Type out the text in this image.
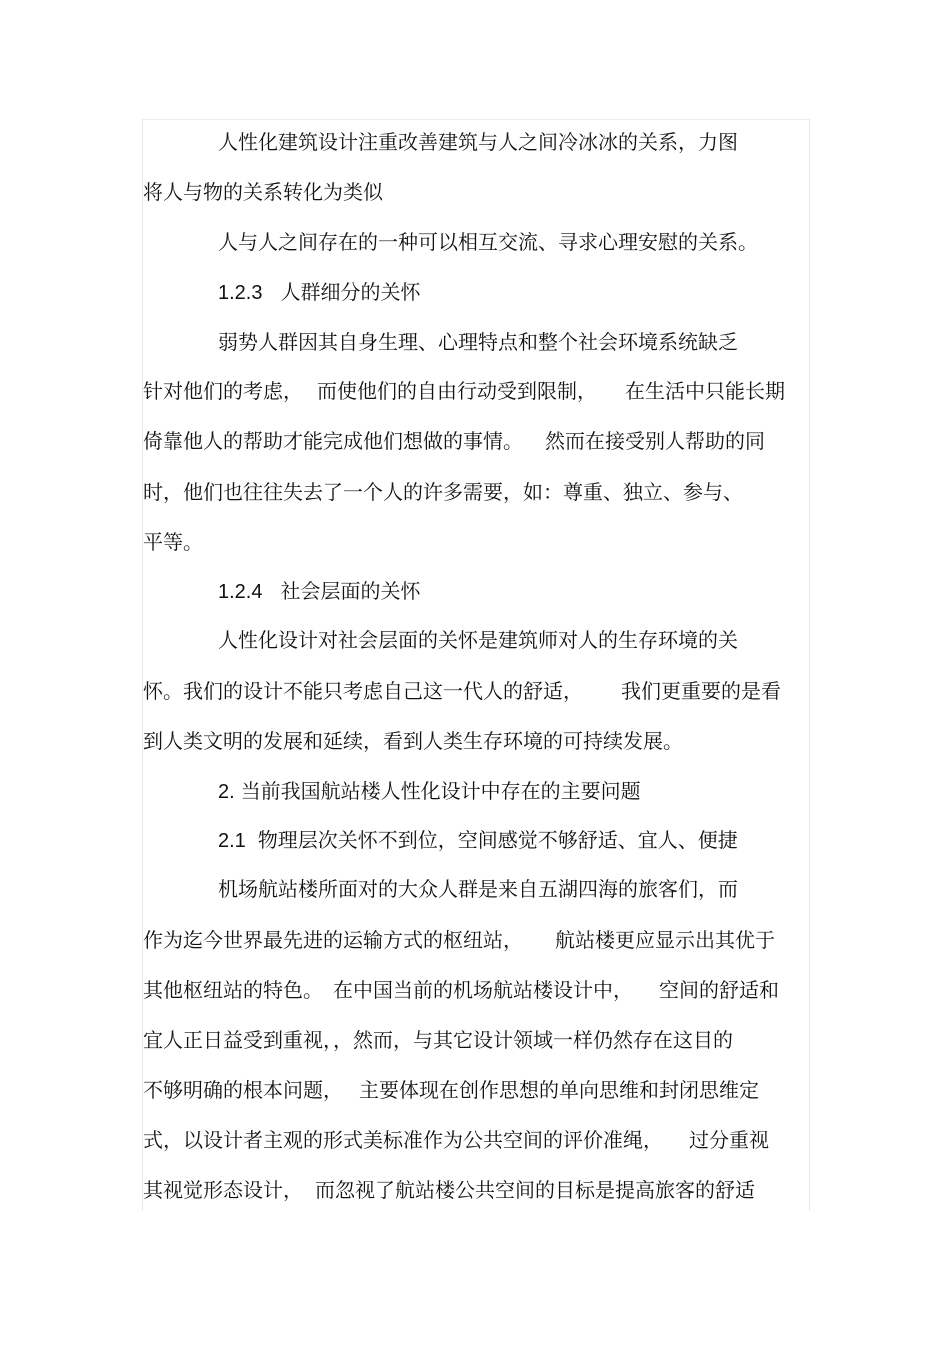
人性化建筑设计注重改善建筑与人之间冷冰冰的关系，力图

将人与物的关系转化为类似

人与人之间存在的一种可以相互交流、寻求心理安慰的关系。

1.2.3 人群细分的关怀

弱势人群因其自身生理、心理特点和整个社会环境系统缺乏

针对他们的考虑， 而使他们的自由行动受到限制， 在生活中只能长期

倚靠他人的帮助才能完成他们想做的事情。 然而在接受别人帮助的同

时，他们也往往失去了一个人的许多需要，如：尊重、独立、参与、

平等。

1.2.4 社会层面的关怀

人性化设计对社会层面的关怀是建筑师对人的生存环境的关

怀。我们的设计不能只考虑自己这一代人的舒适， 我们更重要的是看

到人类文明的发展和延续，看到人类生存环境的可持续发展。

2. 当前我国航站楼人性化设计中存在的主要问题

2.1 物理层次关怀不到位，空间感觉不够舒适、宜人、便捷

机场航站楼所面对的大众人群是来自五湖四海的旅客们，而

作为迄今世界最先进的运输方式的枢纽站， 航站楼更应显示出其优于

其他枢纽站的特色。 在中国当前的机场航站楼设计中， 空间的舒适和

宜人正日益受到重视，，然而，与其它设计领域一样仍然存在这目的

不够明确的根本问题， 主要体现在创作思想的单向思维和封闭思维定

式，以设计者主观的形式美标准作为公共空间的评价准绳， 过分重视

其视觉形态设计， 而忽视了航站楼公共空间的目标是提高旅客的舒适
